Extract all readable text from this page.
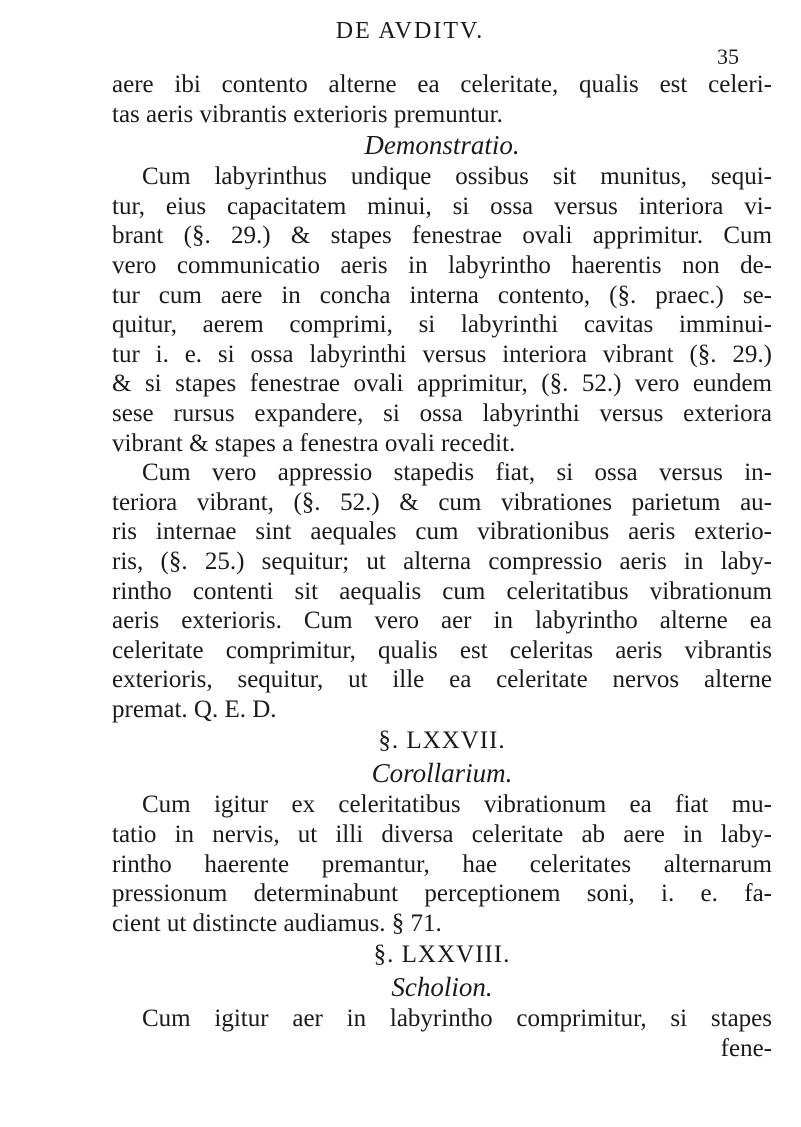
DE AVDITV.
35
aere ibi contento alterne ea celeritate, qualis est celeri-
tas aeris vibrantis exterioris premuntur.
Demonstratio.
Cum labyrinthus undique ossibus sit munitus, sequi-
tur, eius capacitatem minui, si ossa versus interiora vi-
brant (§. 29.) & stapes fenestrae ovali apprimitur. Cum
vero communicatio aeris in labyrintho haerentis non de-
tur cum aere in concha interna contento, (§. praec.) se-
quitur, aerem comprimi, si labyrinthi cavitas imminui-
tur i. e. si ossa labyrinthi versus interiora vibrant (§. 29.)
& si stapes fenestrae ovali apprimitur, (§. 52.) vero eundem
sese rursus expandere, si ossa labyrinthi versus exteriora
vibrant & stapes a fenestra ovali recedit.
Cum vero appressio stapedis fiat, si ossa versus in-
teriora vibrant, (§. 52.) & cum vibrationes parietum au-
ris internae sint aequales cum vibrationibus aeris exterio-
ris, (§. 25.) sequitur; ut alterna compressio aeris in laby-
rintho contenti sit aequalis cum celeritatibus vibrationum
aeris exterioris. Cum vero aer in labyrintho alterne ea
celeritate comprimitur, qualis est celeritas aeris vibrantis
exterioris, sequitur, ut ille ea celeritate nervos alterne
premat. Q. E. D.
§. LXXVII.
Corollarium.
Cum igitur ex celeritatibus vibrationum ea fiat mu-
tatio in nervis, ut illi diversa celeritate ab aere in laby-
rintho haerente premantur, hae celeritates alternarum
pressionum determinabunt perceptionem soni, i. e. fa-
cient ut distincte audiamus. § 71.
§. LXXVIII.
Scholion.
Cum igitur aer in labyrintho comprimitur, si stapes
fene-
